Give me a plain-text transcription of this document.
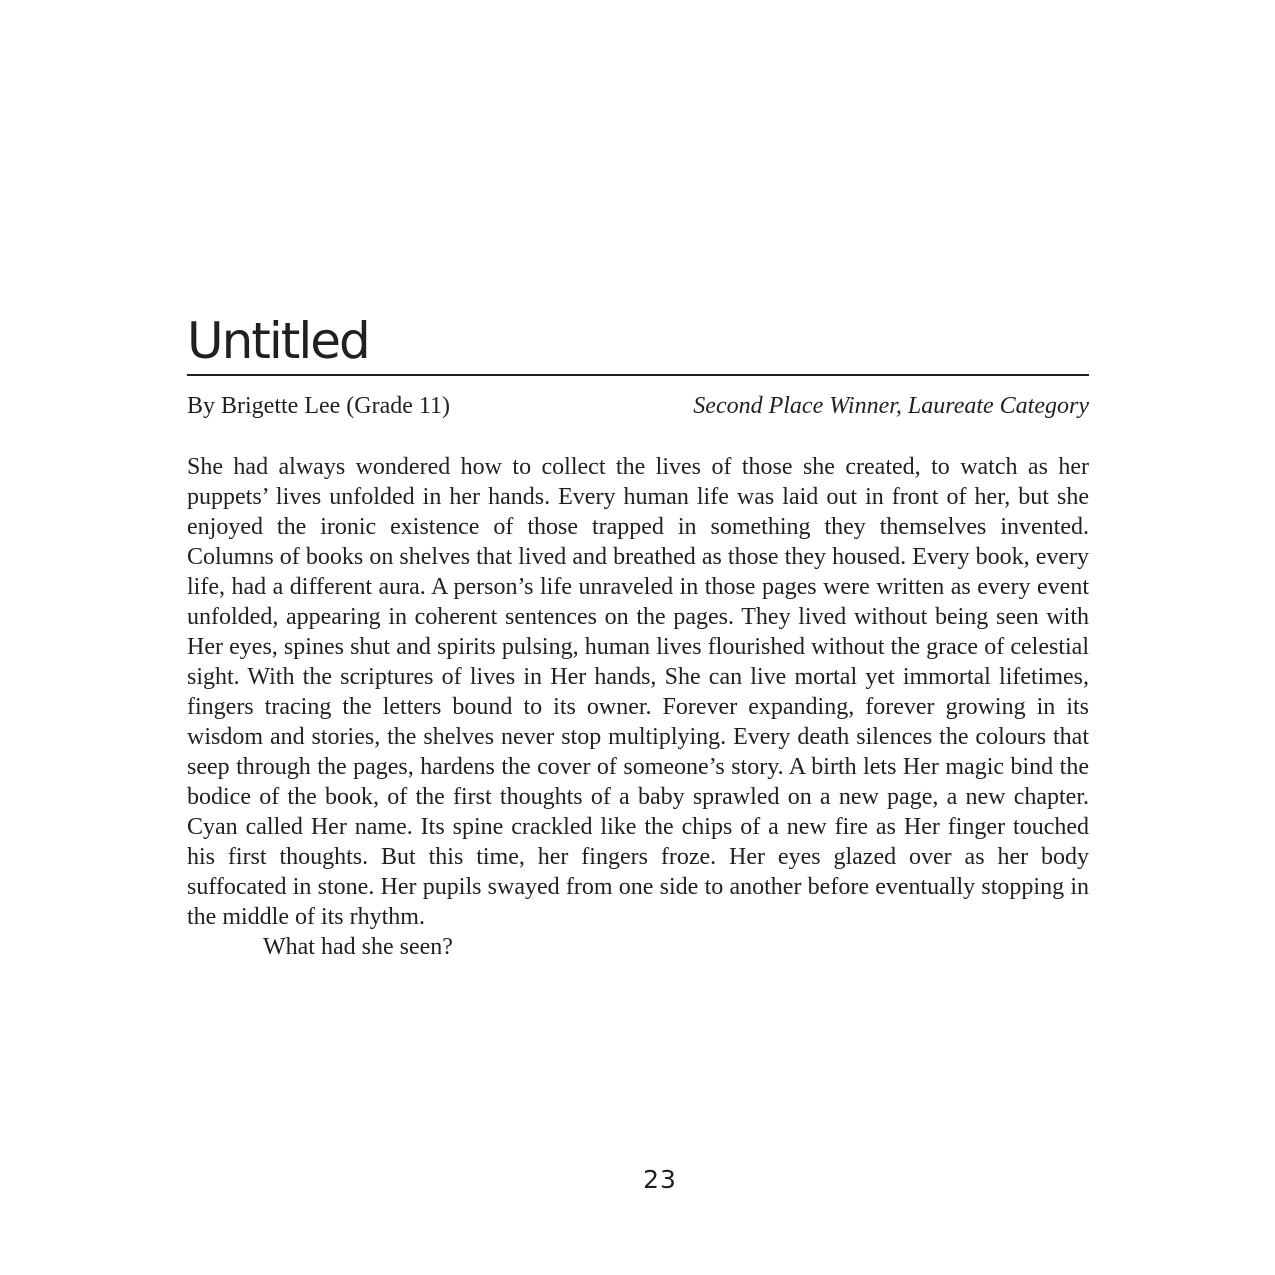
Untitled
By Brigette Lee (Grade 11)	Second Place Winner, Laureate Category

She had always wondered how to collect the lives of those she created, to watch as her puppets’ lives unfolded in her hands. Every human life was laid out in front of her, but she enjoyed the ironic existence of those trapped in something they themselves invented. Columns of books on shelves that lived and breathed as those they housed. Every book, every life, had a different aura. A person’s life unraveled in those pages were written as every event unfolded, appearing in coherent sentences on the pages. They lived without being seen with Her eyes, spines shut and spirits pulsing, human lives flourished without the grace of celestial sight. With the scriptures of lives in Her hands, She can live mortal yet immortal lifetimes, fingers tracing the letters bound to its owner. Forever expanding, forever growing in its wisdom and stories, the shelves never stop multiplying. Every death silences the colours that seep through the pages, hardens the cover of someone’s story. A birth lets Her magic bind the bodice of the book, of the first thoughts of a baby sprawled on a new page, a new chapter. Cyan called Her name. Its spine crackled like the chips of a new fire as Her finger touched his first thoughts. But this time, her fingers froze. Her eyes glazed over as her body suffocated in stone. Her pupils swayed from one side to another before eventually stopping in the middle of its rhythm.

What had she seen?

23
